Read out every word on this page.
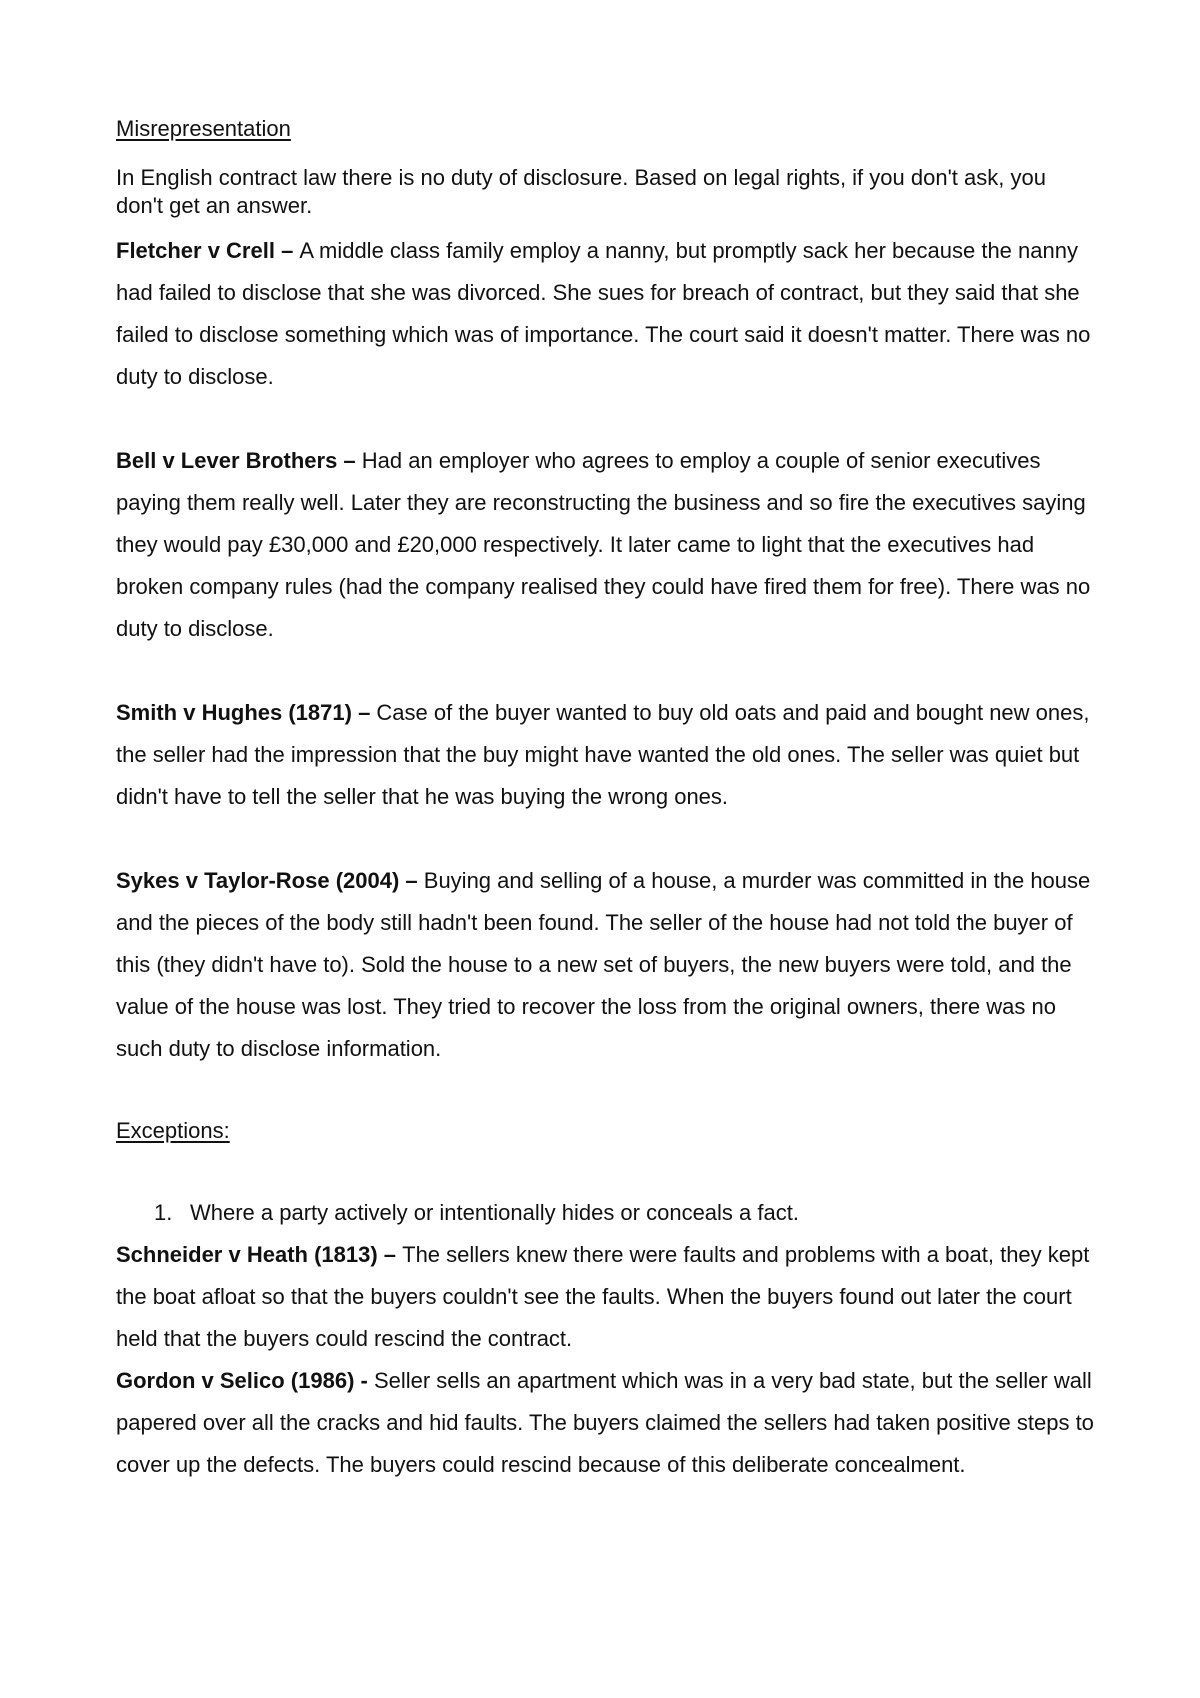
Misrepresentation

In English contract law there is no duty of disclosure. Based on legal rights, if you don't ask, you don't get an answer.

Fletcher v Crell – A middle class family employ a nanny, but promptly sack her because the nanny had failed to disclose that she was divorced. She sues for breach of contract, but they said that she failed to disclose something which was of importance. The court said it doesn't matter. There was no duty to disclose.

Bell v Lever Brothers – Had an employer who agrees to employ a couple of senior executives paying them really well. Later they are reconstructing the business and so fire the executives saying they would pay £30,000 and £20,000 respectively. It later came to light that the executives had broken company rules (had the company realised they could have fired them for free). There was no duty to disclose.

Smith v Hughes (1871) – Case of the buyer wanted to buy old oats and paid and bought new ones, the seller had the impression that the buy might have wanted the old ones. The seller was quiet but didn't have to tell the seller that he was buying the wrong ones.

Sykes v Taylor-Rose (2004) – Buying and selling of a house, a murder was committed in the house and the pieces of the body still hadn't been found. The seller of the house had not told the buyer of this (they didn't have to). Sold the house to a new set of buyers, the new buyers were told, and the value of the house was lost. They tried to recover the loss from the original owners, there was no such duty to disclose information.

Exceptions:

1. Where a party actively or intentionally hides or conceals a fact.

Schneider v Heath (1813) – The sellers knew there were faults and problems with a boat, they kept the boat afloat so that the buyers couldn't see the faults. When the buyers found out later the court held that the buyers could rescind the contract.

Gordon v Selico (1986) - Seller sells an apartment which was in a very bad state, but the seller wall papered over all the cracks and hid faults. The buyers claimed the sellers had taken positive steps to cover up the defects. The buyers could rescind because of this deliberate concealment.
